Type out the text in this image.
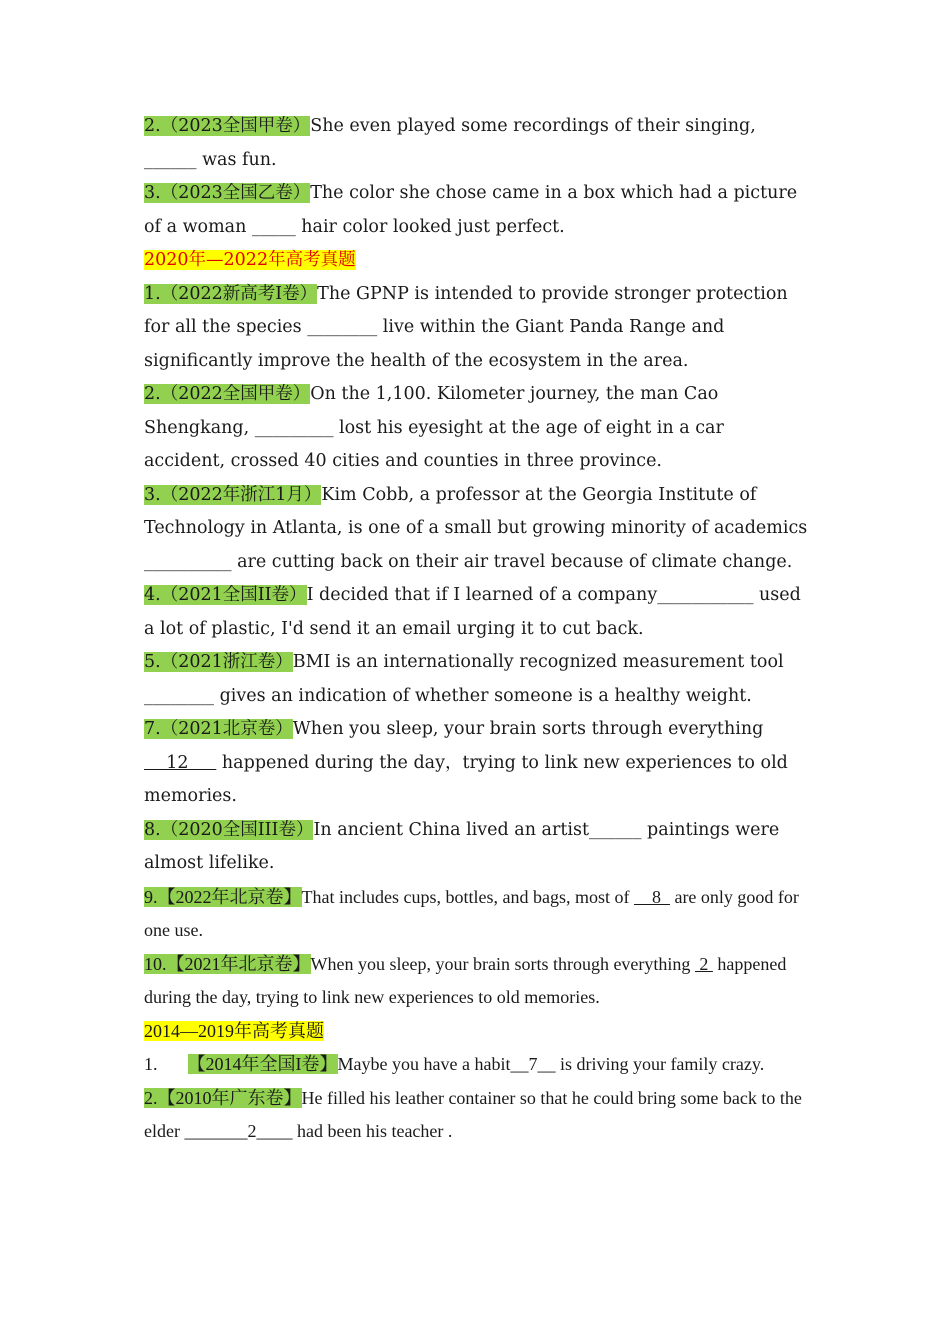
2.（2023全国甲卷）She even played some recordings of their singing, ______ was fun.

3.（2023全国乙卷）The color she chose came in a box which had a picture of a woman _____ hair color looked just perfect.

2020年—2022年高考真题

1.（2022新高考I卷）The GPNP is intended to provide stronger protection for all the species ________ live within the Giant Panda Range and significantly improve the health of the ecosystem in the area.

2.（2022全国甲卷）On the 1,100. Kilometer journey, the man Cao Shengkang, _________ lost his eyesight at the age of eight in a car accident, crossed 40 cities and counties in three province.

3.（2022年浙江1月）Kim Cobb, a professor at the Georgia Institute of Technology in Atlanta, is one of a small but growing minority of academics __________ are cutting back on their air travel because of climate change.

4.（2021全国II卷）I decided that if I learned of a company___________ used a lot of plastic, I'd send it an email urging it to cut back.

5.（2021浙江卷）BMI is an internationally recognized measurement tool ________ gives an indication of whether someone is a healthy weight.

7.（2021北京卷）When you sleep, your brain sorts through everything     12      happened during the day，trying to link new experiences to old memories.

8.（2020全国III卷）In ancient China lived an artist______ paintings were almost lifelike.

9.【2022年北京卷】That includes cups, bottles, and bags, most of     8   are only good for one use.

10.【2021年北京卷】When you sleep, your brain sorts through everything  2  happened during the day, trying to link new experiences to old memories.

2014—2019年高考真题

1. 【2014年全国I卷】Maybe you have a habit__7__ is driving your family crazy.

2.【2010年广东卷】He filled his leather container so that he could bring some back to the elder _______2____ had been his teacher .
